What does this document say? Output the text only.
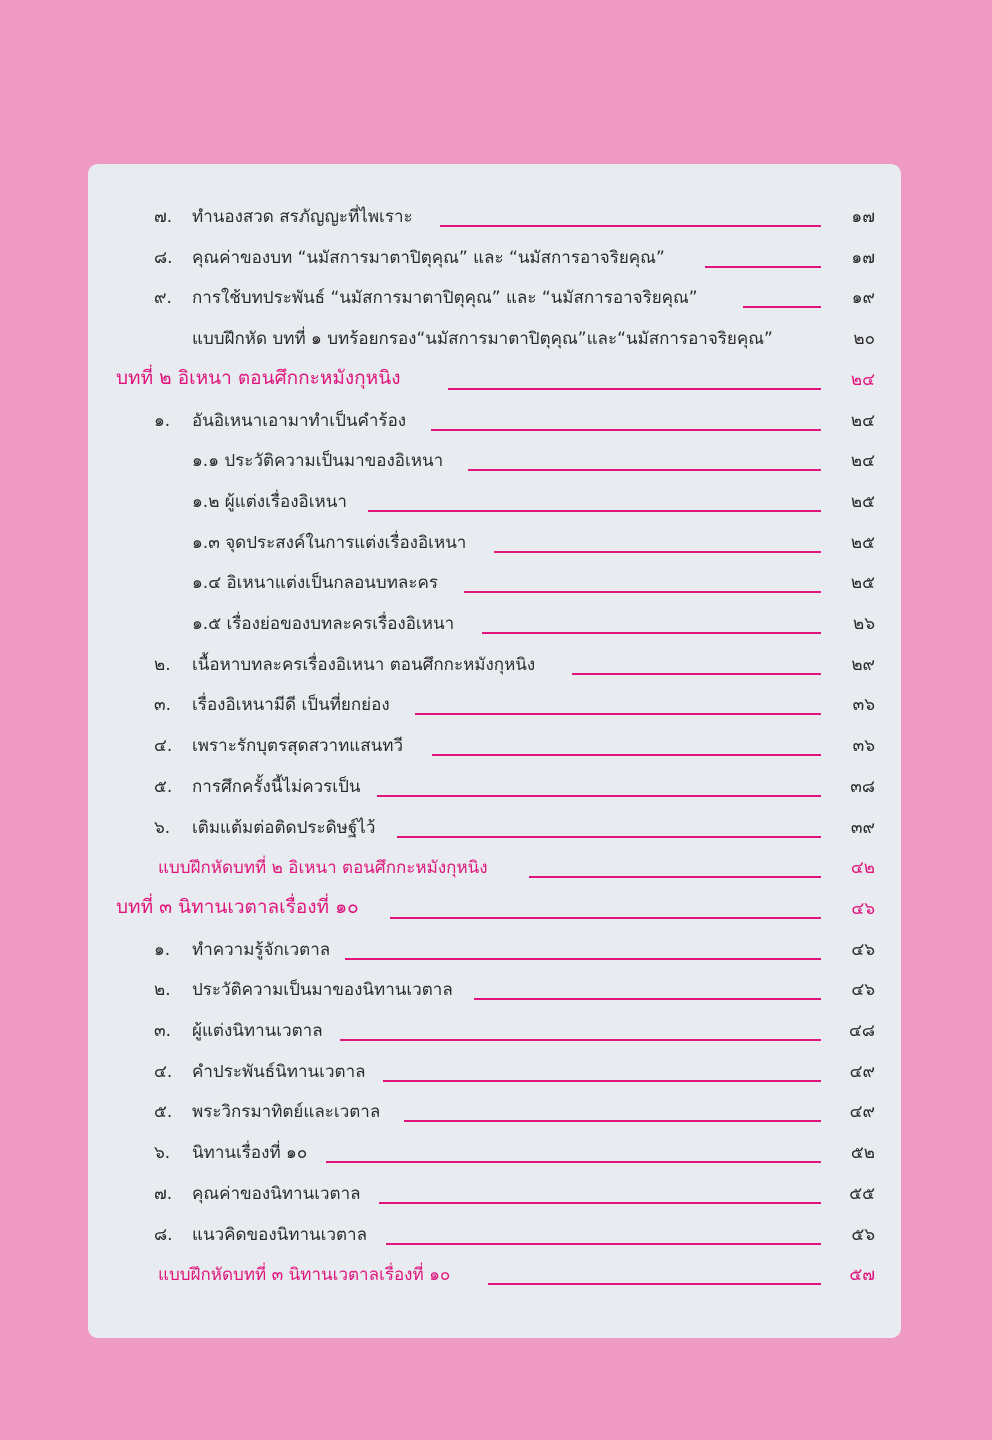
๗. ทำนองสวด สรภัญญะที่ไพเราะ	๑๗
๘. คุณค่าของบท “นมัสการมาตาปิตุคุณ” และ “นมัสการอาจริยคุณ”	๑๗
๙. การใช้บทประพันธ์ “นมัสการมาตาปิตุคุณ” และ “นมัสการอาจริยคุณ”	๑๙
แบบฝึกหัด บทที่ ๑ บทร้อยกรอง“นมัสการมาตาปิตุคุณ”และ“นมัสการอาจริยคุณ”	๒๐
บทที่ ๒ อิเหนา ตอนศึกกะหมังกุหนิง	๒๔
๑. อันอิเหนาเอามาทำเป็นคำร้อง	๒๔
๑.๑ ประวัติความเป็นมาของอิเหนา	๒๔
๑.๒ ผู้แต่งเรื่องอิเหนา	๒๕
๑.๓ จุดประสงค์ในการแต่งเรื่องอิเหนา	๒๕
๑.๔ อิเหนาแต่งเป็นกลอนบทละคร	๒๕
๑.๕ เรื่องย่อของบทละครเรื่องอิเหนา	๒๖
๒. เนื้อหาบทละครเรื่องอิเหนา ตอนศึกกะหมังกุหนิง	๒๙
๓. เรื่องอิเหนามีดี เป็นที่ยกย่อง	๓๖
๔. เพราะรักบุตรสุดสวาทแสนทวี	๓๖
๕. การศึกครั้งนี้ไม่ควรเป็น	๓๘
๖. เติมแต้มต่อติดประดิษฐ์ไว้	๓๙
แบบฝึกหัดบทที่ ๒ อิเหนา ตอนศึกกะหมังกุหนิง	๔๒
บทที่ ๓ นิทานเวตาลเรื่องที่ ๑๐	๔๖
๑. ทำความรู้จักเวตาล	๔๖
๒. ประวัติความเป็นมาของนิทานเวตาล	๔๖
๓. ผู้แต่งนิทานเวตาล	๔๘
๔. คำประพันธ์นิทานเวตาล	๔๙
๕. พระวิกรมาทิตย์และเวตาล	๔๙
๖. นิทานเรื่องที่ ๑๐	๕๒
๗. คุณค่าของนิทานเวตาล	๕๕
๘. แนวคิดของนิทานเวตาล	๕๖
แบบฝึกหัดบทที่ ๓ นิทานเวตาลเรื่องที่ ๑๐	๕๗
